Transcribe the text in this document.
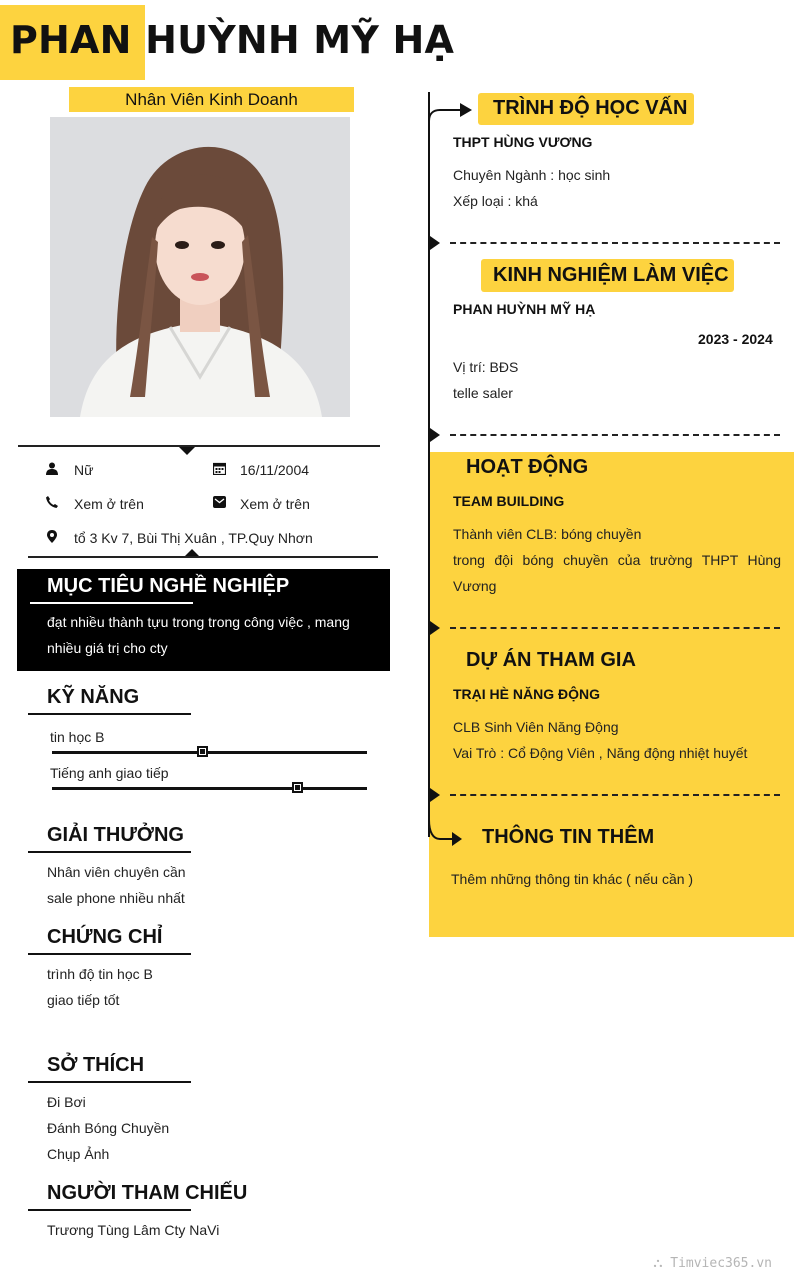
PHAN HUỲNH MỸ HẠ
Nhân Viên Kinh Doanh
Nữ	16/11/2004
Xem ở trên	Xem ở trên
tổ 3 Kv 7, Bùi Thị Xuân , TP.Quy Nhơn
MỤC TIÊU NGHỀ NGHIỆP
đạt nhiều thành tựu trong trong công việc , mang
nhiều giá trị cho cty
KỸ NĂNG
tin học B
Tiếng anh giao tiếp
GIẢI THƯỞNG
Nhân viên chuyên cần
sale phone nhiều nhất
CHỨNG CHỈ
trình độ tin học B
giao tiếp tốt
SỞ THÍCH
Đi Bơi
Đánh Bóng Chuyền
Chụp Ảnh
NGƯỜI THAM CHIẾU
Trương Tùng Lâm Cty NaVi
TRÌNH ĐỘ HỌC VẤN
THPT HÙNG VƯƠNG
Chuyên Ngành : học sinh
Xếp loại : khá
KINH NGHIỆM LÀM VIỆC
PHAN HUỲNH MỸ HẠ
2023 - 2024
Vị trí: BĐS
telle saler
HOẠT ĐỘNG
TEAM BUILDING
Thành viên CLB: bóng chuyền
trong đội bóng chuyền của trường THPT Hùng Vương
DỰ ÁN THAM GIA
TRẠI HÈ NĂNG ĐỘNG
CLB Sinh Viên Năng Động
Vai Trò : Cổ Động Viên , Năng động nhiệt huyết
THÔNG TIN THÊM
Thêm những thông tin khác ( nếu cần )
⛬ Timviec365.vn
